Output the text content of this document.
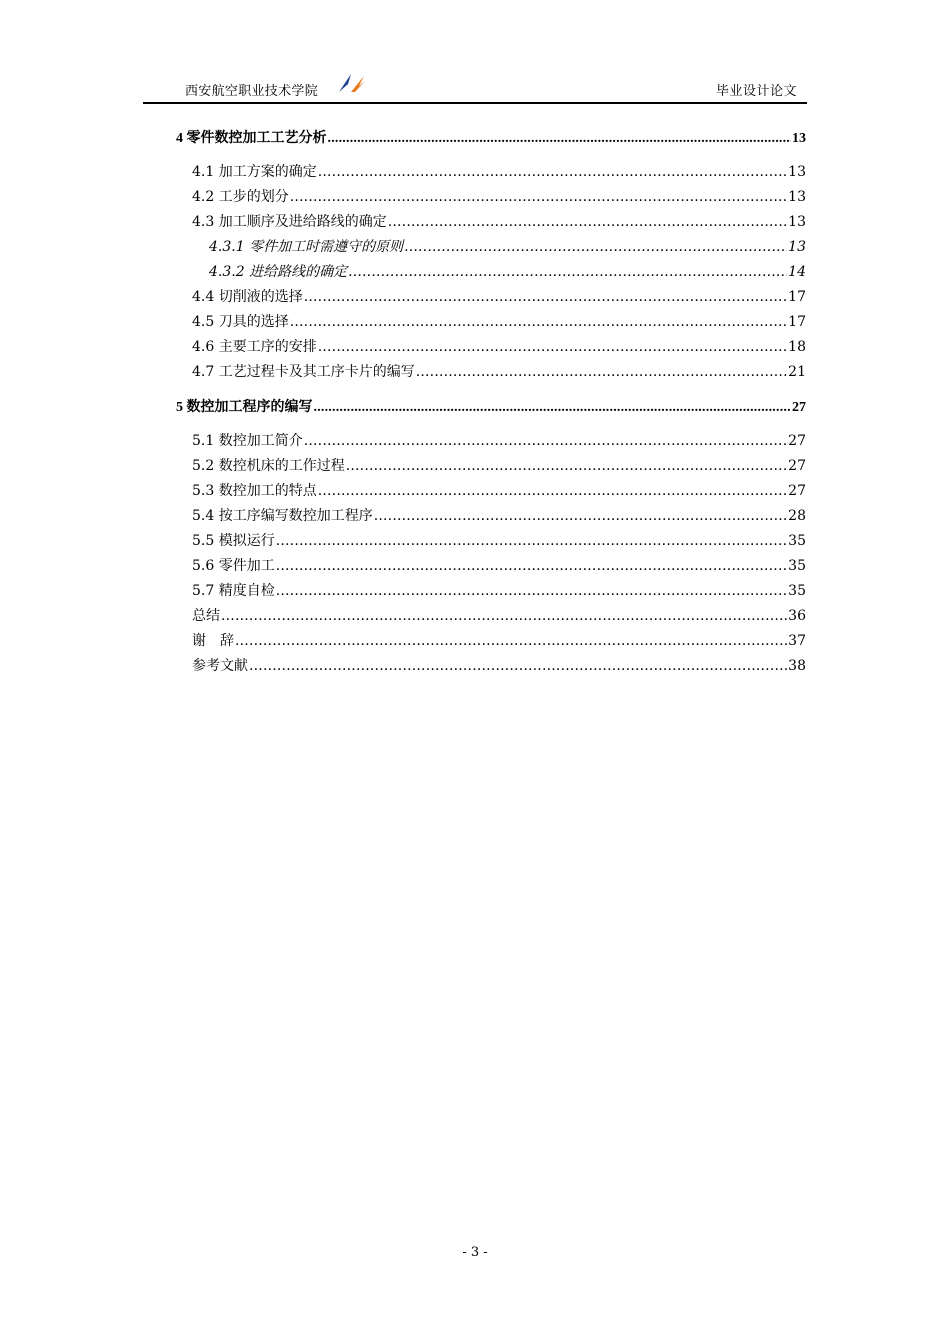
西安航空职业技术学院	毕业设计论文
4 零件数控加工工艺分析 .....	13
4.1 加工方案的确定 .....	13
4.2 工步的划分 .....	13
4.3 加工顺序及进给路线的确定 .....	13
4.3.1 零件加工时需遵守的原则 .....	13
4.3.2 进给路线的确定 .....	14
4.4 切削液的选择 .....	17
4.5 刀具的选择 .....	17
4.6 主要工序的安排 .....	18
4.7 工艺过程卡及其工序卡片的编写 .....	21
5 数控加工程序的编写 .....	27
5.1 数控加工简介 .....	27
5.2 数控机床的工作过程 .....	27
5.3 数控加工的特点 .....	27
5.4 按工序编写数控加工程序 .....	28
5.5 模拟运行 .....	35
5.6 零件加工 .....	35
5.7 精度自检 .....	35
总结 .....	36
谢　辞 .....	37
参考文献 .....	38
- 3 -
